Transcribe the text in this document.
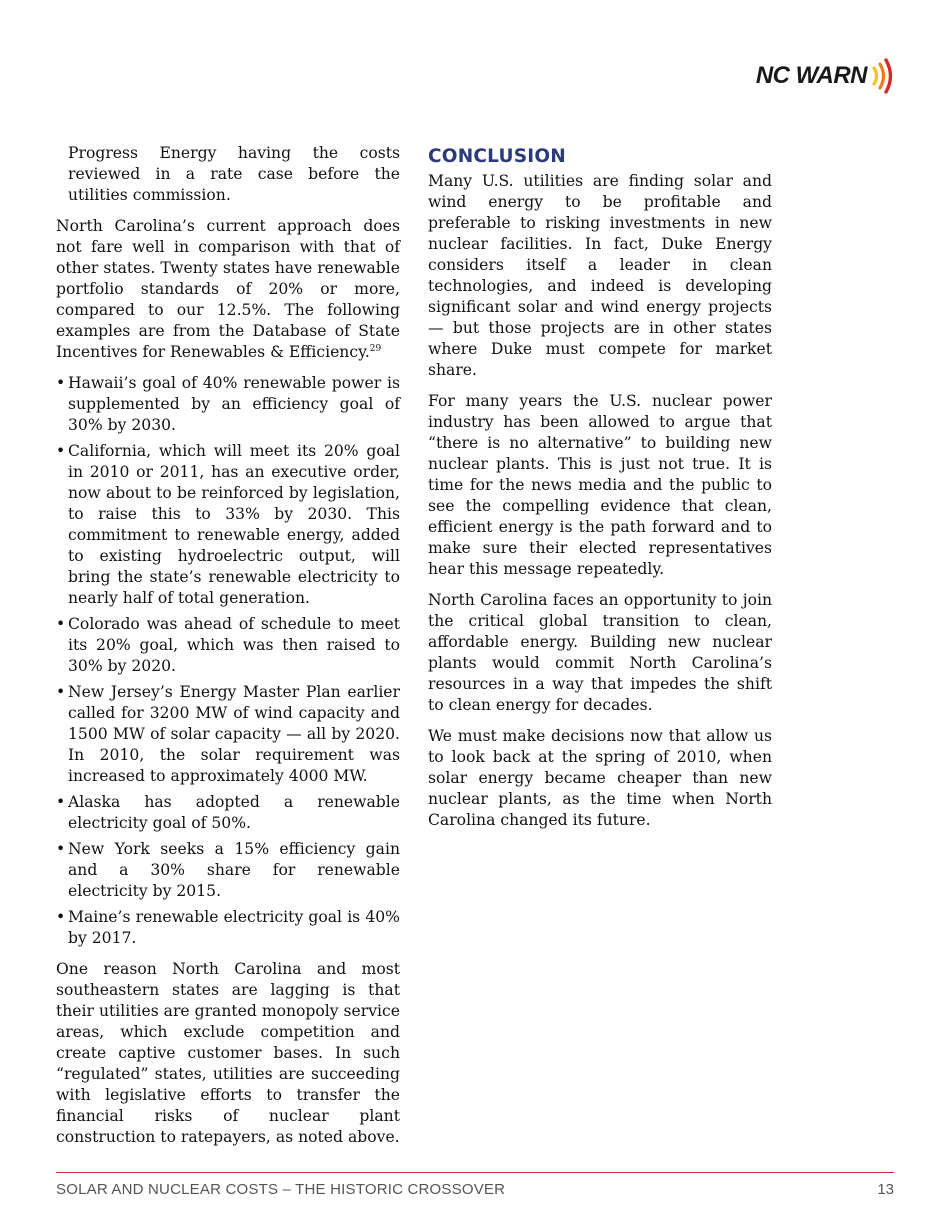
NC WARN

Progress Energy having the costs reviewed in a rate case before the utilities commission.

North Carolina’s current approach does not fare well in comparison with that of other states. Twenty states have renewable portfolio standards of 20% or more, compared to our 12.5%. The following examples are from the Database of State Incentives for Renewables & Efficiency.$^{29}$

• Hawaii’s goal of 40% renewable power is supplemented by an efficiency goal of 30% by 2030.
• California, which will meet its 20% goal in 2010 or 2011, has an executive order, now about to be reinforced by legislation, to raise this to 33% by 2030. This commitment to renewable energy, added to existing hydroelectric output, will bring the state’s renewable electricity to nearly half of total generation.
• Colorado was ahead of schedule to meet its 20% goal, which was then raised to 30% by 2020.
• New Jersey’s Energy Master Plan earlier called for 3200 MW of wind capacity and 1500 MW of solar capacity — all by 2020. In 2010, the solar requirement was increased to approximately 4000 MW.
• Alaska has adopted a renewable electricity goal of 50%.
• New York seeks a 15% efficiency gain and a 30% share for renewable electricity by 2015.
• Maine’s renewable electricity goal is 40% by 2017.

One reason North Carolina and most southeastern states are lagging is that their utilities are granted monopoly service areas, which exclude competition and create captive customer bases. In such “regulated” states, utilities are succeeding with legislative efforts to transfer the financial risks of nuclear plant construction to ratepayers, as noted above.

CONCLUSION

Many U.S. utilities are finding solar and wind energy to be profitable and preferable to risking investments in new nuclear facilities. In fact, Duke Energy considers itself a leader in clean technologies, and indeed is developing significant solar and wind energy projects — but those projects are in other states where Duke must compete for market share.

For many years the U.S. nuclear power industry has been allowed to argue that “there is no alternative” to building new nuclear plants. This is just not true. It is time for the news media and the public to see the compelling evidence that clean, efficient energy is the path forward and to make sure their elected representatives hear this message repeatedly.

North Carolina faces an opportunity to join the critical global transition to clean, affordable energy. Building new nuclear plants would commit North Carolina’s resources in a way that impedes the shift to clean energy for decades.

We must make decisions now that allow us to look back at the spring of 2010, when solar energy became cheaper than new nuclear plants, as the time when North Carolina changed its future.

SOLAR AND NUCLEAR COSTS – THE HISTORIC CROSSOVER	13
